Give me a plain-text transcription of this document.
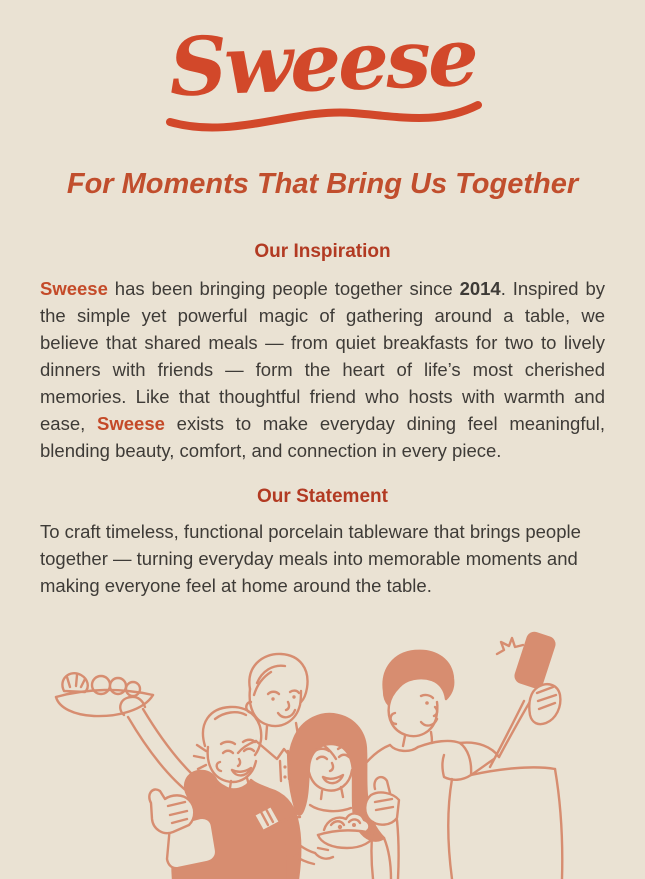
Sweese
For Moments That Bring Us Together
Our Inspiration

Sweese has been bringing people together since 2014. Inspired by the simple yet powerful magic of gathering around a table, we believe that shared meals — from quiet breakfasts for two to lively dinners with friends — form the heart of life’s most cherished memories. Like that thoughtful friend who hosts with warmth and ease, Sweese exists to make everyday dining feel meaningful, blending beauty, comfort, and connection in every piece.

Our Statement

To craft timeless, functional porcelain tableware that brings people together — turning everyday meals into memorable moments and making everyone feel at home around the table.
